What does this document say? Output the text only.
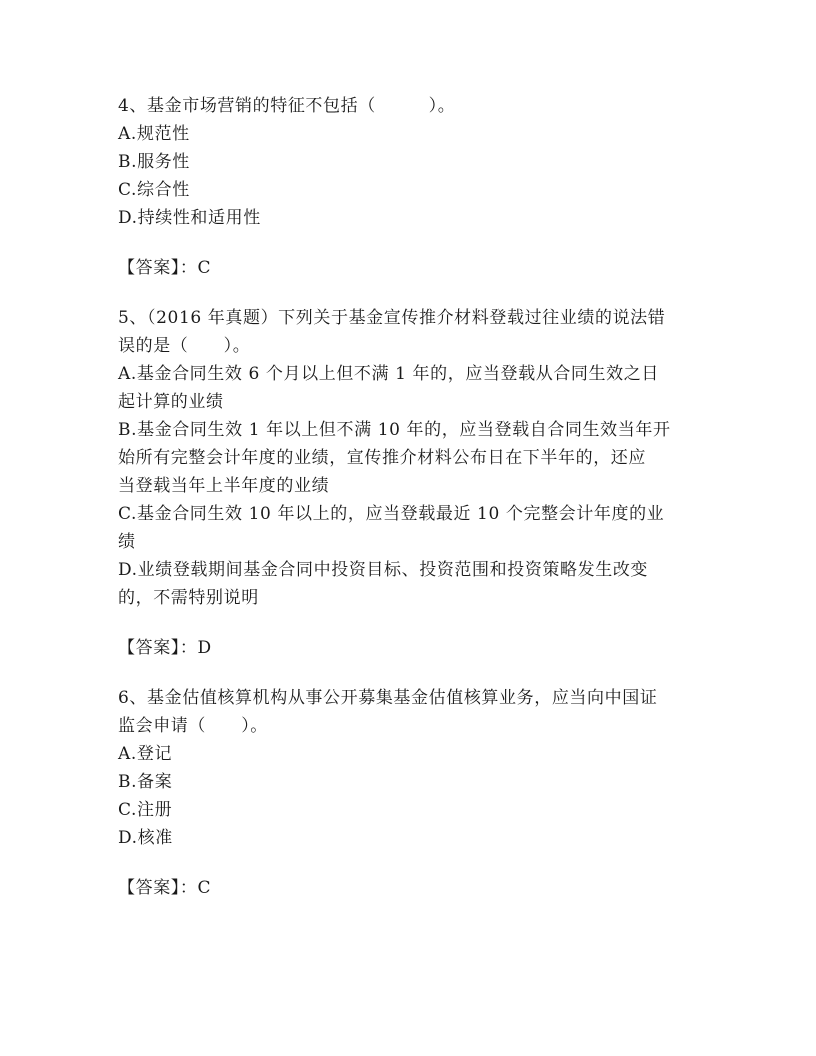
4、基金市场营销的特征不包括（　　　）。

A.规范性

B.服务性

C.综合性

D.持续性和适用性

【答案】：C

5、（2016 年真题）下列关于基金宣传推介材料登载过往业绩的说法错

误的是（　　）。

A.基金合同生效 6 个月以上但不满 1 年的，应当登载从合同生效之日

起计算的业绩

B.基金合同生效 1 年以上但不满 10 年的，应当登载自合同生效当年开

始所有完整会计年度的业绩，宣传推介材料公布日在下半年的，还应

当登载当年上半年度的业绩

C.基金合同生效 10 年以上的，应当登载最近 10 个完整会计年度的业

绩

D.业绩登载期间基金合同中投资目标、投资范围和投资策略发生改变

的，不需特别说明

【答案】：D

6、基金估值核算机构从事公开募集基金估值核算业务，应当向中国证

监会申请（　　）。

A.登记

B.备案

C.注册

D.核准

【答案】：C
